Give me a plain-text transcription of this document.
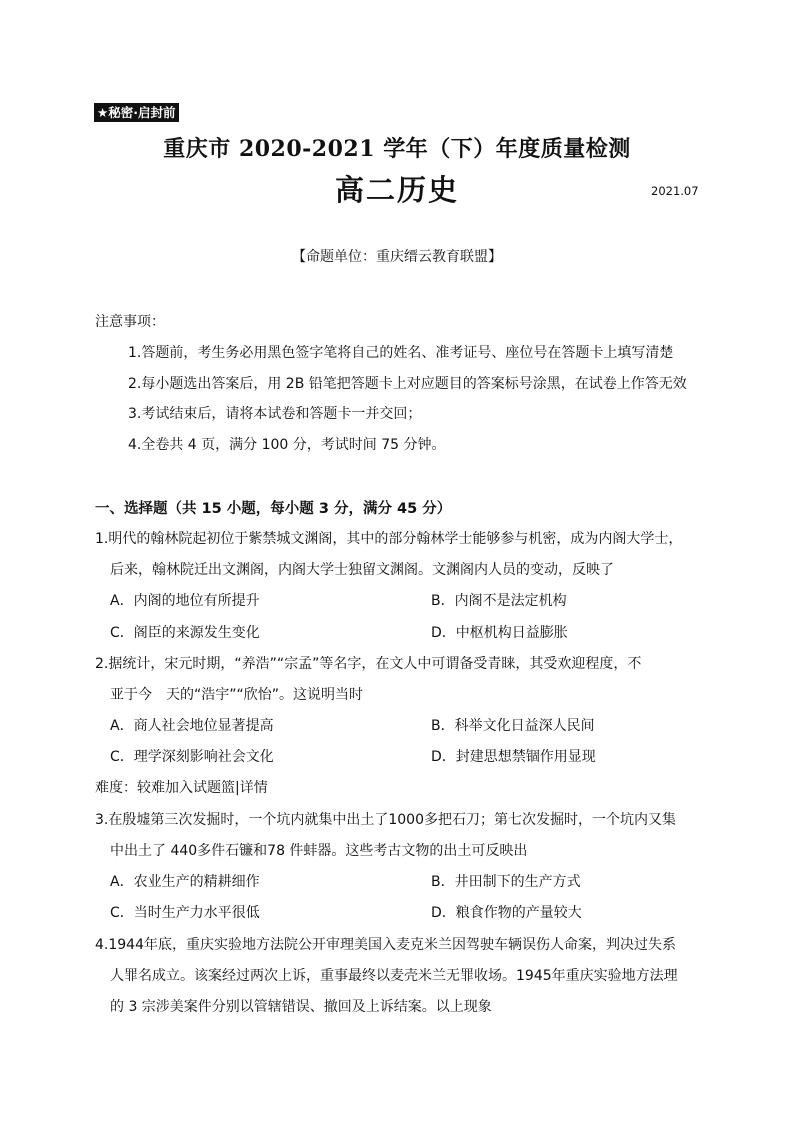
★秘密·启封前
重庆市 2020-2021 学年（下）年度质量检测
高二历史	2021.07
【命题单位：重庆缙云教育联盟】
注意事项：
1.答题前，考生务必用黑色签字笔将自己的姓名、准考证号、座位号在答题卡上填写清楚
2.每小题选出答案后，用 2B 铅笔把答题卡上对应题目的答案标号涂黑，在试卷上作答无效
3.考试结束后，请将本试卷和答题卡一并交回；
4.全卷共 4 页，满分 100 分，考试时间 75 分钟。
一、选择题（共 15 小题，每小题 3 分，满分 45 分）
1.明代的翰林院起初位于紫禁城文渊阁，其中的部分翰林学士能够参与机密，成为内阁大学士，
后来，翰林院迁出文渊阁，内阁大学士独留文渊阁。文渊阁内人员的变动，反映了
A．内阁的地位有所提升	B．内阁不是法定机构
C．阁臣的来源发生变化	D．中枢机构日益膨胀
2.据统计，宋元时期，“养浩”“宗孟”等名字，在文人中可谓备受青睐，其受欢迎程度，不
亚于今　天的“浩宇”“欣怡”。这说明当时
A．商人社会地位显著提高	B．科举文化日益深人民间
C．理学深刻影响社会文化	D．封建思想禁锢作用显现
难度：较难加入试题篮|详情
3.在殷墟第三次发掘时，一个坑内就集中出土了1000多把石刀；第七次发掘时，一个坑内又集
中出土了 440多件石镰和78 件蚌器。这些考古文物的出土可反映出
A．农业生产的精耕细作	B．井田制下的生产方式
C．当时生产力水平很低	D．粮食作物的产量较大
4.1944年底，重庆实验地方法院公开审理美国入麦克米兰因驾驶车辆误伤人命案，判决过失系
人罪名成立。该案经过两次上诉，重事最终以麦壳米兰无罪收场。1945年重庆实验地方法理
的 3 宗涉美案件分别以管辖错误、撤回及上诉结案。以上现象
